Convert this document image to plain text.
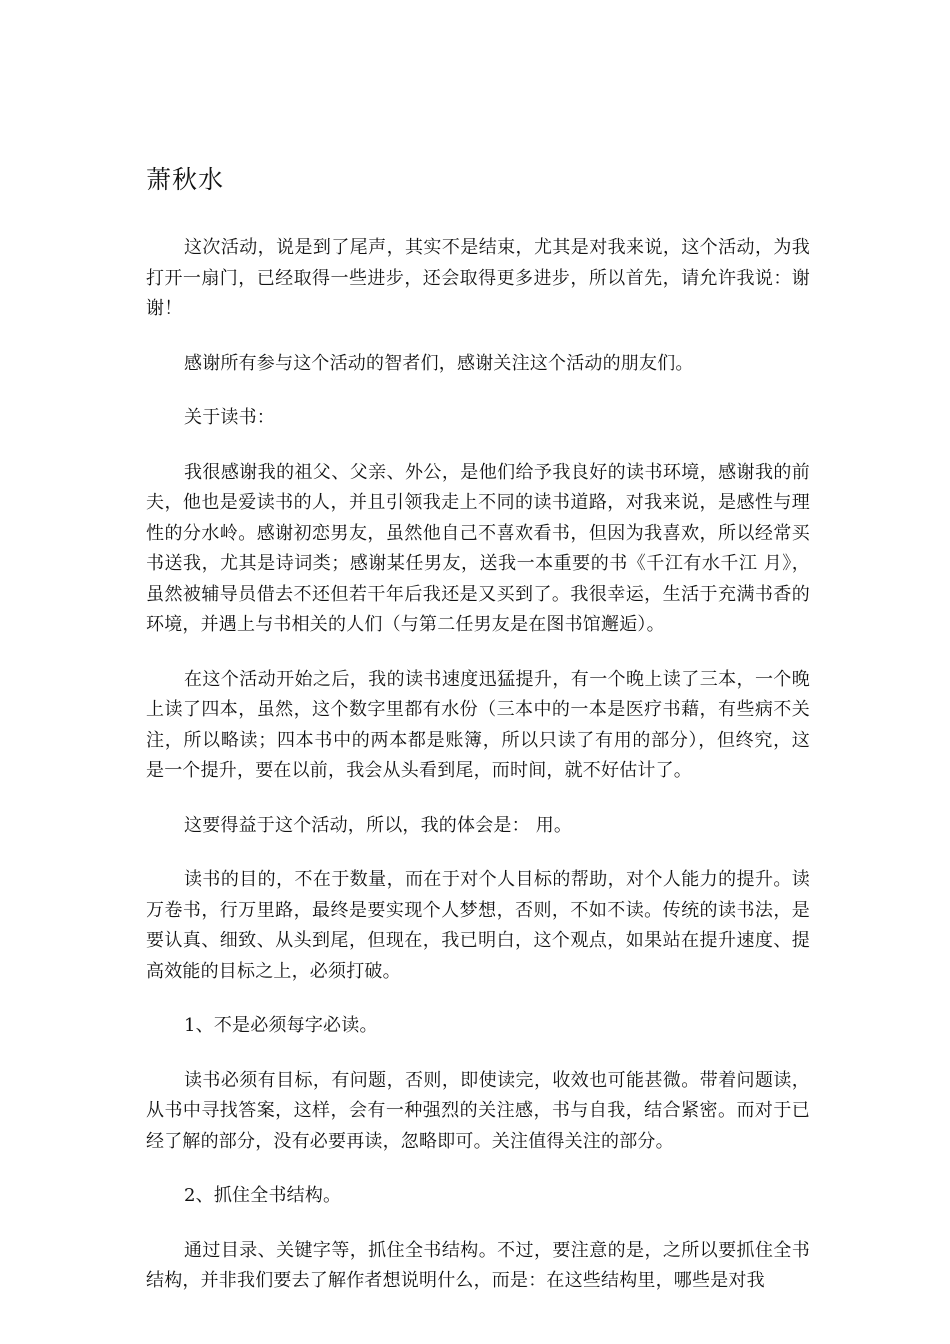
萧秋水

这次活动，说是到了尾声，其实不是结束，尤其是对我来说，这个活动，为我打开一扇门，已经取得一些进步，还会取得更多进步，所以首先，请允许我说：谢谢！

感谢所有参与这个活动的智者们，感谢关注这个活动的朋友们。

关于读书：

我很感谢我的祖父、父亲、外公，是他们给予我良好的读书环境，感谢我的前夫，他也是爱读书的人，并且引领我走上不同的读书道路，对我来说，是感性与理性的分水岭。感谢初恋男友，虽然他自己不喜欢看书，但因为我喜欢，所以经常买书送我，尤其是诗词类；感谢某任男友，送我一本重要的书《千江有水千江 月》，虽然被辅导员借去不还但若干年后我还是又买到了。我很幸运，生活于充满书香的环境，并遇上与书相关的人们（与第二任男友是在图书馆邂逅）。

在这个活动开始之后，我的读书速度迅猛提升，有一个晚上读了三本，一个晚上读了四本，虽然，这个数字里都有水份（三本中的一本是医疗书藉，有些病不关注，所以略读；四本书中的两本都是账簿，所以只读了有用的部分），但终究，这是一个提升，要在以前，我会从头看到尾，而时间，就不好估计了。

这要得益于这个活动，所以，我的体会是： 用。

读书的目的，不在于数量，而在于对个人目标的帮助，对个人能力的提升。读万卷书，行万里路，最终是要实现个人梦想，否则，不如不读。传统的读书法，是要认真、细致、从头到尾，但现在，我已明白，这个观点，如果站在提升速度、提高效能的目标之上，必须打破。

1、不是必须每字必读。

读书必须有目标，有问题，否则，即使读完，收效也可能甚微。带着问题读，从书中寻找答案，这样，会有一种强烈的关注感，书与自我，结合紧密。而对于已经了解的部分，没有必要再读，忽略即可。关注值得关注的部分。

2、抓住全书结构。

通过目录、关键字等，抓住全书结构。不过，要注意的是，之所以要抓住全书结构，并非我们要去了解作者想说明什么，而是：在这些结构里，哪些是对我
